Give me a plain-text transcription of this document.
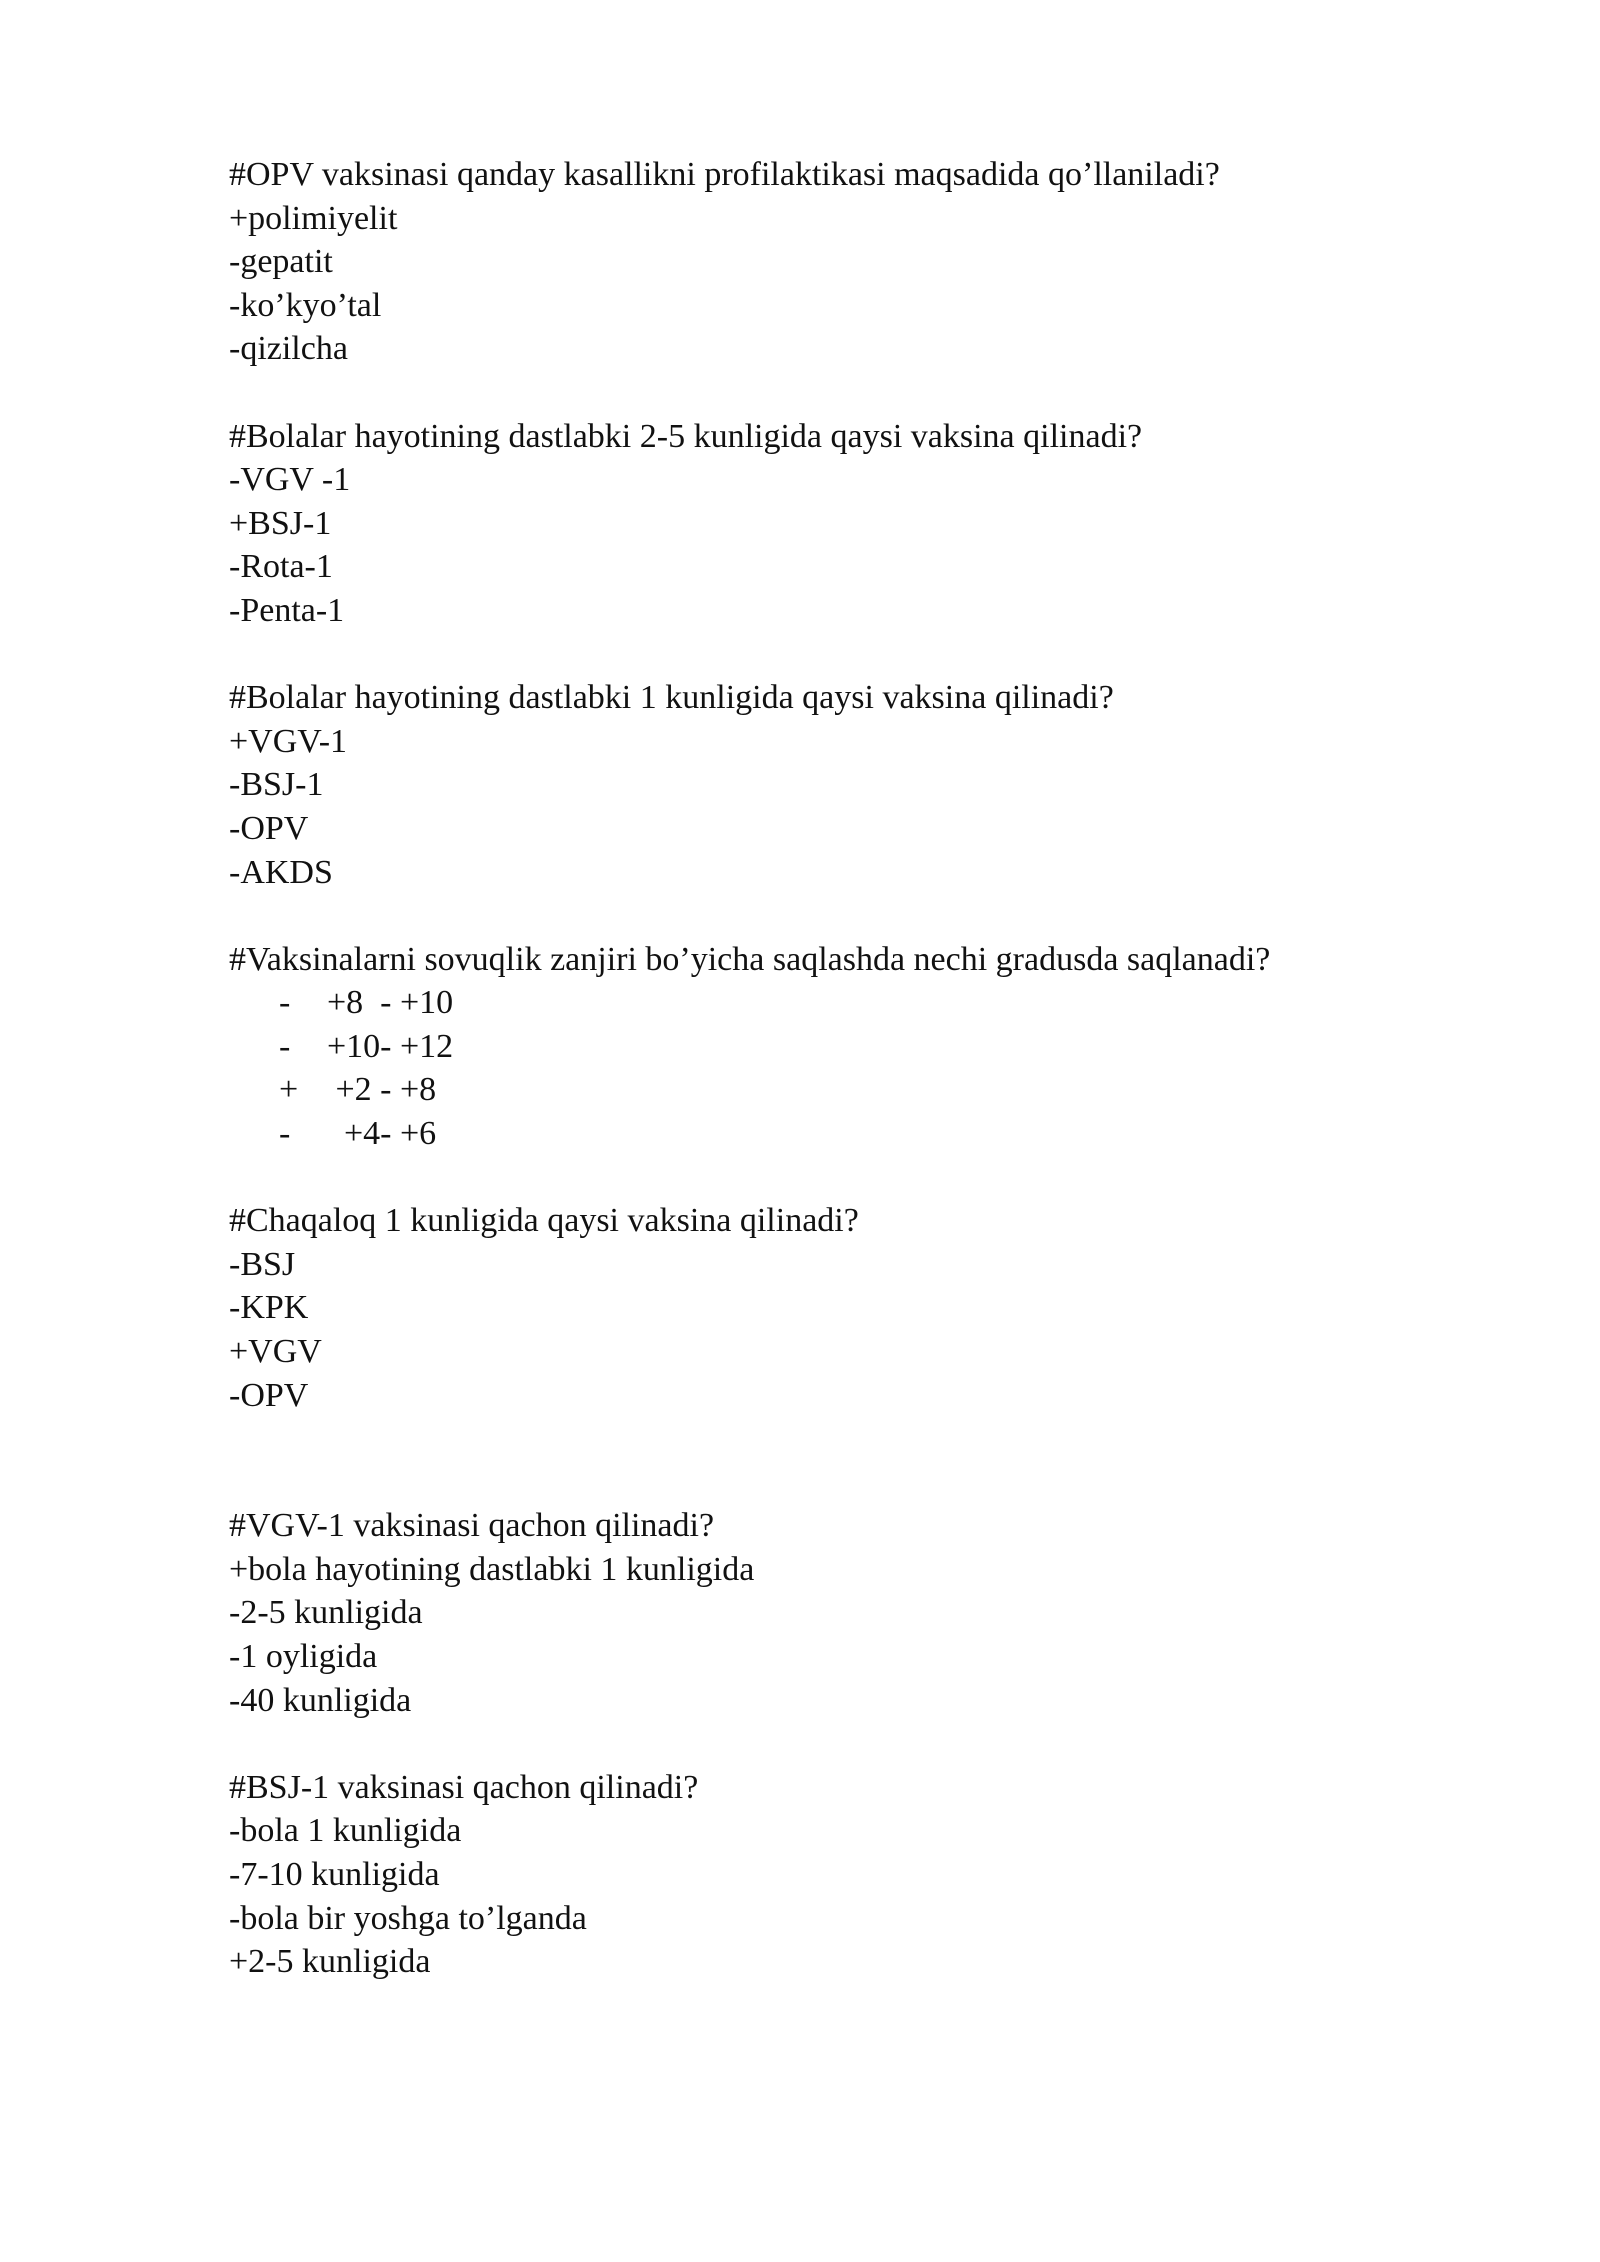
#OPV vaksinasi qanday kasallikni profilaktikasi maqsadida qo’llaniladi?
+polimiyelit
-gepatit
-ko’kyo’tal
-qizilcha
#Bolalar hayotining dastlabki 2-5 kunligida qaysi vaksina qilinadi?
-VGV -1
+BSJ-1
-Rota-1
-Penta-1
#Bolalar hayotining dastlabki 1 kunligida qaysi vaksina qilinadi?
+VGV-1
-BSJ-1
-OPV
-AKDS
#Vaksinalarni sovuqlik zanjiri bo’yicha saqlashda nechi gradusda saqlanadi?
- +8  - +10
- +10- +12
+ +2 - +8
-  +4- +6
#Chaqaloq 1 kunligida qaysi vaksina qilinadi?
-BSJ
-KPK
+VGV
-OPV
#VGV-1 vaksinasi qachon qilinadi?
+bola hayotining dastlabki 1 kunligida
-2-5 kunligida
-1 oyligida
-40 kunligida
#BSJ-1 vaksinasi qachon qilinadi?
-bola 1 kunligida
-7-10 kunligida
-bola bir yoshga to’lganda
+2-5 kunligida
